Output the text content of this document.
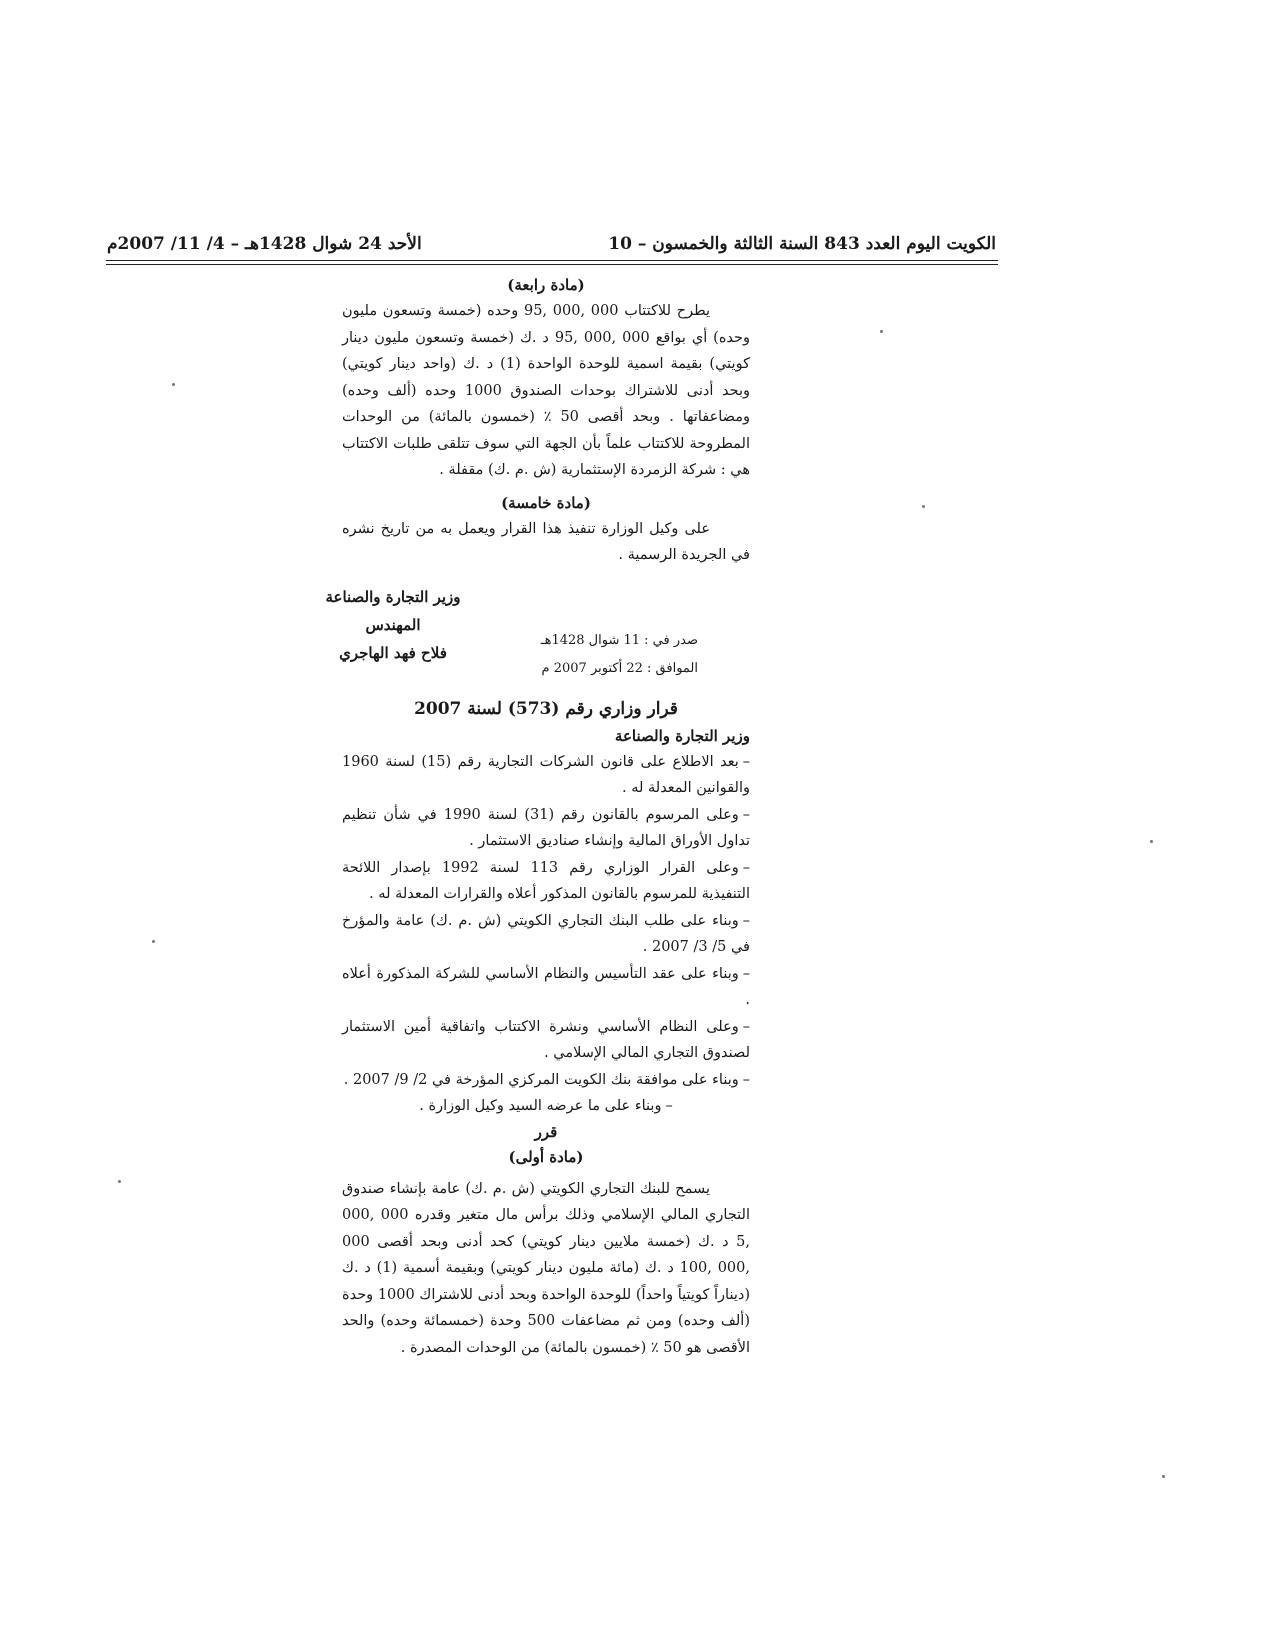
الكويت اليوم العدد 843 السنة الثالثة والخمسون – 10
الأحد 24 شوال 1428هـ – 4/ 11/ 2007م

(مادة رابعة)

يطرح للاكتتاب 000 ,000 ,95 وحده (خمسة وتسعون مليون وحده) أي بواقع 000 ,000 ,95 د .ك (خمسة وتسعون مليون دينار كويتي) بقيمة اسمية للوحدة الواحدة (1) د .ك (واحد دينار كويتي) وبحد أدنى للاشتراك بوحدات الصندوق 1000 وحده (ألف وحده) ومضاعفاتها . وبحد أقصى 50 ٪ (خمسون بالمائة) من الوحدات المطروحة للاكتتاب علماً بأن الجهة التي سوف تتلقى طلبات الاكتتاب هي : شركة الزمردة الإستثمارية (ش .م .ك) مقفلة .

(مادة خامسة)

على وكيل الوزارة تنفيذ هذا القرار ويعمل به من تاريخ نشره في الجريدة الرسمية .

وزير التجارة والصناعة
المهندس
فلاح فهد الهاجري
صدر في : 11 شوال 1428هـ
الموافق : 22 أكتوبر 2007 م

قرار وزاري رقم (573) لسنة 2007

وزير التجارة والصناعة

–بعد الاطلاع على قانون الشركات التجارية رقم (15) لسنة 1960 والقوانين المعدلة له .

–وعلى المرسوم بالقانون رقم (31) لسنة 1990 في شأن تنظيم تداول الأوراق المالية وإنشاء صناديق الاستثمار .

–وعلى القرار الوزاري رقم 113 لسنة 1992 بإصدار اللائحة التنفيذية للمرسوم بالقانون المذكور أعلاه والقرارات المعدلة له .

–وبناء على طلب البنك التجاري الكويتي (ش .م .ك) عامة والمؤرخ في 5/ 3/ 2007 .

–وبناء على عقد التأسيس والنظام الأساسي للشركة المذكورة أعلاه .

–وعلى النظام الأساسي ونشرة الاكتتاب واتفاقية أمين الاستثمار لصندوق التجاري المالي الإسلامي .

–وبناء على موافقة بنك الكويت المركزي المؤرخة في 2/ 9/ 2007 .

–وبناء على ما عرضه السيد وكيل الوزارة .

قرر

(مادة أولى)

يسمح للبنك التجاري الكويتي (ش .م .ك) عامة بإنشاء صندوق التجاري المالي الإسلامي وذلك برأس مال متغير وقدره 000 ,000 ,5 د .ك (خمسة ملايين دينار كويتي) كحد أدنى وبحد أقصى 000 ,000 ,100 د .ك (مائة مليون دينار كويتي) وبقيمة أسمية (1) د .ك (ديناراً كويتياً واحداً) للوحدة الواحدة وبحد أدنى للاشتراك 1000 وحدة (ألف وحده) ومن ثم مضاعفات 500 وحدة (خمسمائة وحده) والحد الأقصى هو 50 ٪ (خمسون بالمائة) من الوحدات المصدرة .
